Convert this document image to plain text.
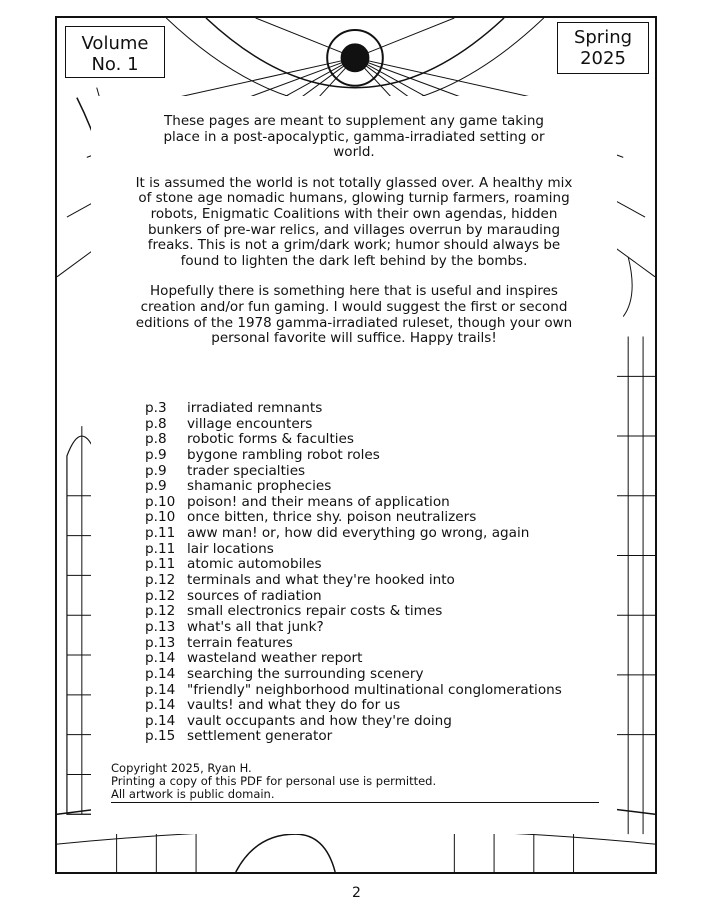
Volume
No. 1
Spring
2025

These pages are meant to supplement any game taking place in a post-apocalyptic, gamma-irradiated setting or world.

It is assumed the world is not totally glassed over. A healthy mix of stone age nomadic humans, glowing turnip farmers, roaming robots, Enigmatic Coalitions with their own agendas, hidden bunkers of pre-war relics, and villages overrun by marauding freaks. This is not a grim/dark work; humor should always be found to lighten the dark left behind by the bombs.

Hopefully there is something here that is useful and inspires creation and/or fun gaming. I would suggest the first or second editions of the 1978 gamma-irradiated ruleset, though your own personal favorite will suffice. Happy trails!

p.3 irradiated remnants
p.8 village encounters
p.8 robotic forms & faculties
p.9 bygone rambling robot roles
p.9 trader specialties
p.9 shamanic prophecies
p.10 poison! and their means of application
p.10 once bitten, thrice shy. poison neutralizers
p.11 aww man! or, how did everything go wrong, again
p.11 lair locations
p.11 atomic automobiles
p.12 terminals and what they're hooked into
p.12 sources of radiation
p.12 small electronics repair costs & times
p.13 what's all that junk?
p.13 terrain features
p.14 wasteland weather report
p.14 searching the surrounding scenery
p.14 "friendly" neighborhood multinational conglomerations
p.14 vaults! and what they do for us
p.14 vault occupants and how they're doing
p.15 settlement generator
Copyright 2025, Ryan H.
Printing a copy of this PDF for personal use is permitted.
All artwork is public domain.
2
